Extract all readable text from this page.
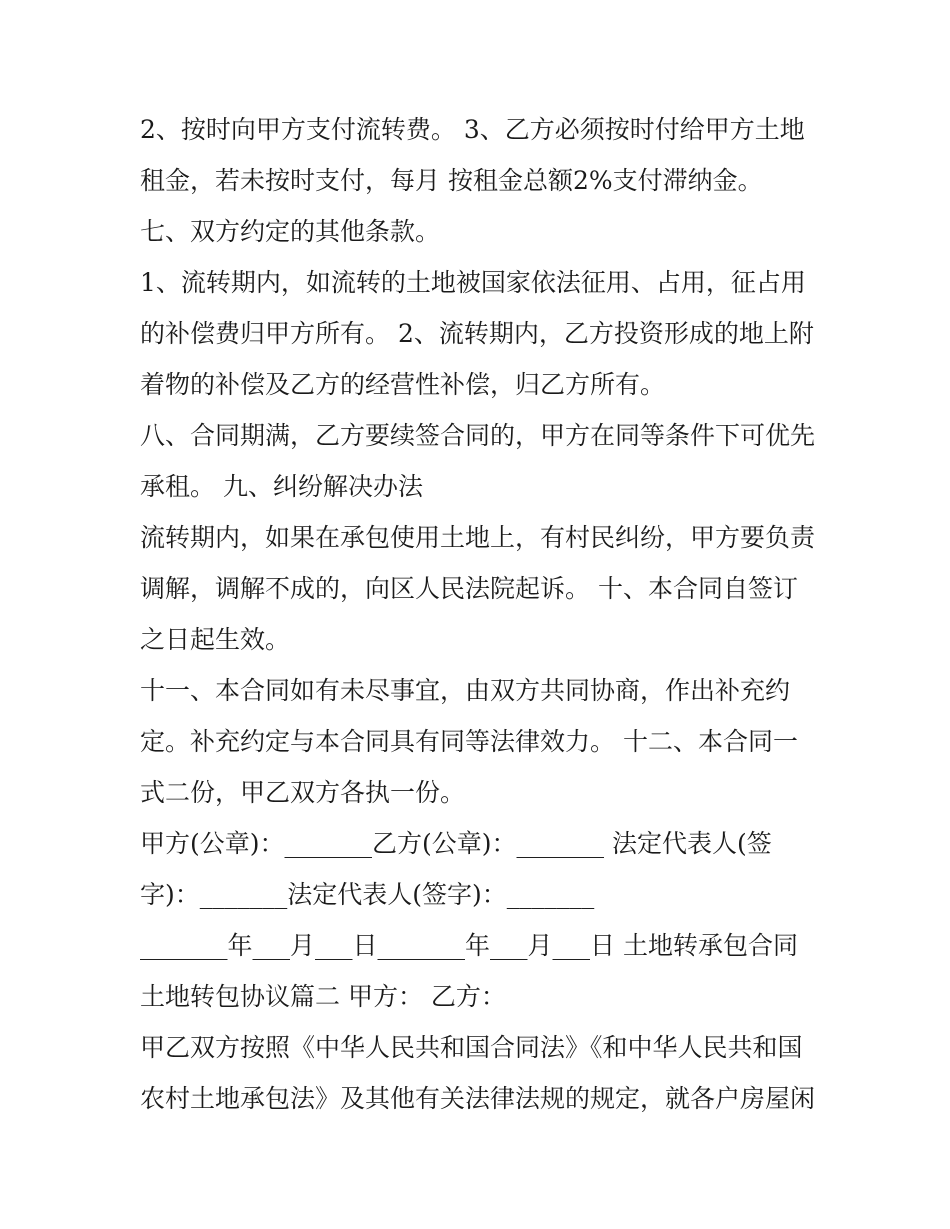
2、按时向甲方支付流转费。 3、乙方必须按时付给甲方土地
租金，若未按时支付，每月 按租金总额2%支付滞纳金。
七、双方约定的其他条款。
1、流转期内，如流转的土地被国家依法征用、占用，征占用
的补偿费归甲方所有。 2、流转期内，乙方投资形成的地上附
着物的补偿及乙方的经营性补偿，归乙方所有。
八、合同期满，乙方要续签合同的，甲方在同等条件下可优先
承租。 九、纠纷解决办法
流转期内，如果在承包使用土地上，有村民纠纷，甲方要负责
调解，调解不成的，向区人民法院起诉。 十、本合同自签订
之日起生效。
十一、本合同如有未尽事宜，由双方共同协商，作出补充约
定。补充约定与本合同具有同等法律效力。 十二、本合同一
式二份，甲乙双方各执一份。
甲方(公章)：_______乙方(公章)：_______ 法定代表人(签
字)：_______法定代表人(签字)：_______
_______年___月___日_______年___月___日 土地转承包合同
土地转包协议篇二 甲方： 乙方：
甲乙双方按照《中华人民共和国合同法》《和中华人民共和国
农村土地承包法》及其他有关法律法规的规定，就各户房屋闲
